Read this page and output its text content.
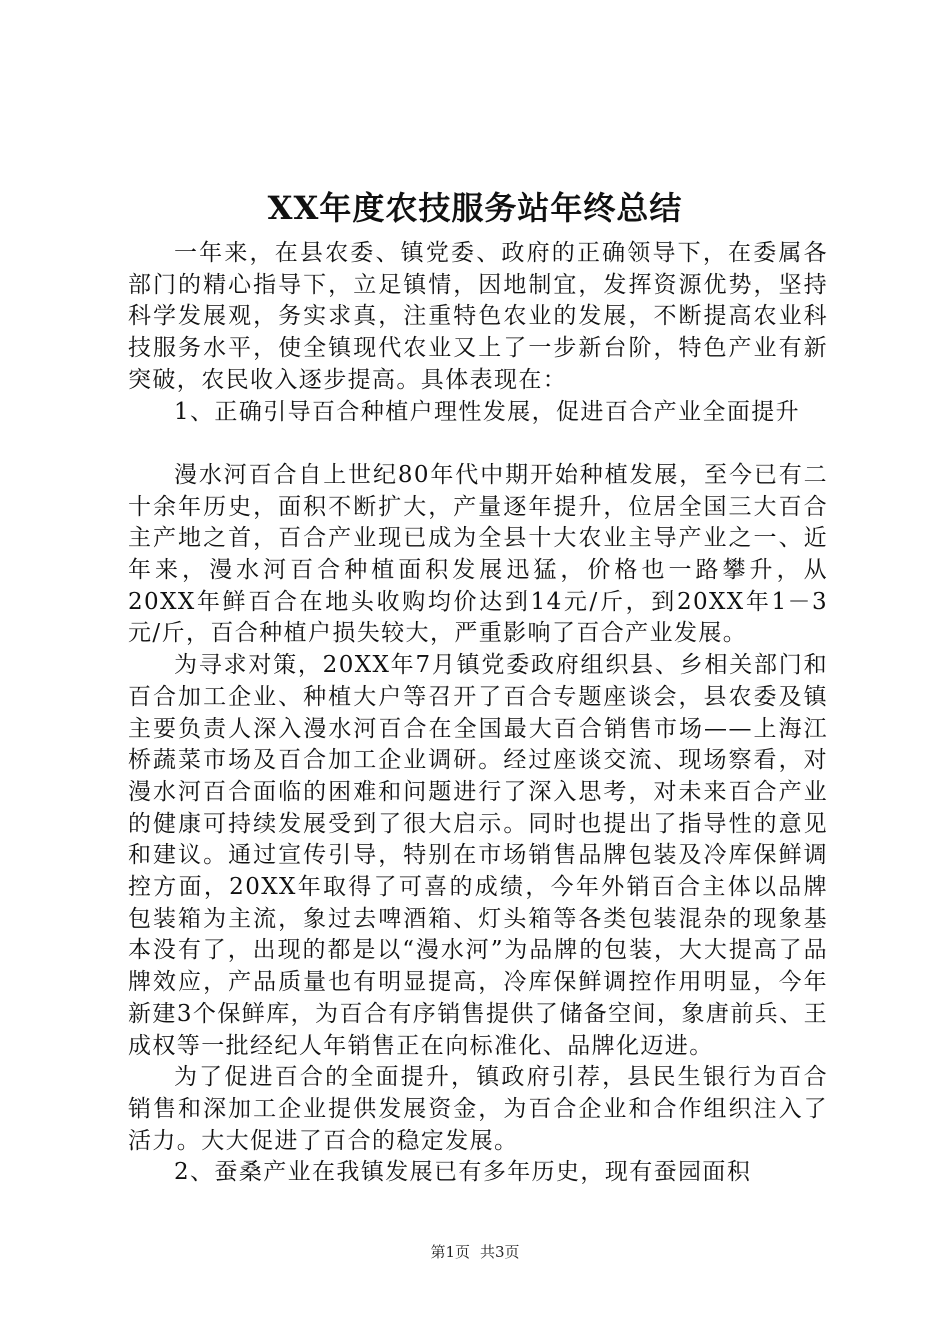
XX年度农技服务站年终总结

一年来，在县农委、镇党委、政府的正确领导下，在委属各部门的精心指导下，立足镇情，因地制宜，发挥资源优势，坚持科学发展观，务实求真，注重特色农业的发展，不断提高农业科技服务水平，使全镇现代农业又上了一步新台阶，特色产业有新突破，农民收入逐步提高。具体表现在：

1、正确引导百合种植户理性发展，促进百合产业全面提升

漫水河百合自上世纪80年代中期开始种植发展，至今已有二十余年历史，面积不断扩大，产量逐年提升，位居全国三大百合主产地之首，百合产业现已成为全县十大农业主导产业之一、近年来，漫水河百合种植面积发展迅猛，价格也一路攀升，从20XX年鲜百合在地头收购均价达到14元/斤，到20XX年1－3元/斤，百合种植户损失较大，严重影响了百合产业发展。

为寻求对策，20XX年7月镇党委政府组织县、乡相关部门和百合加工企业、种植大户等召开了百合专题座谈会，县农委及镇主要负责人深入漫水河百合在全国最大百合销售市场——上海江桥蔬菜市场及百合加工企业调研。经过座谈交流、现场察看，对漫水河百合面临的困难和问题进行了深入思考，对未来百合产业的健康可持续发展受到了很大启示。同时也提出了指导性的意见和建议。通过宣传引导，特别在市场销售品牌包装及冷库保鲜调控方面，20XX年取得了可喜的成绩，今年外销百合主体以品牌包装箱为主流，象过去啤酒箱、灯头箱等各类包装混杂的现象基本没有了，出现的都是以“漫水河”为品牌的包装，大大提高了品牌效应，产品质量也有明显提高，冷库保鲜调控作用明显，今年新建3个保鲜库，为百合有序销售提供了储备空间，象唐前兵、王成权等一批经纪人年销售正在向标准化、品牌化迈进。

为了促进百合的全面提升，镇政府引荐，县民生银行为百合销售和深加工企业提供发展资金，为百合企业和合作组织注入了活力。大大促进了百合的稳定发展。

2、蚕桑产业在我镇发展已有多年历史，现有蚕园面积

第1页 共3页
